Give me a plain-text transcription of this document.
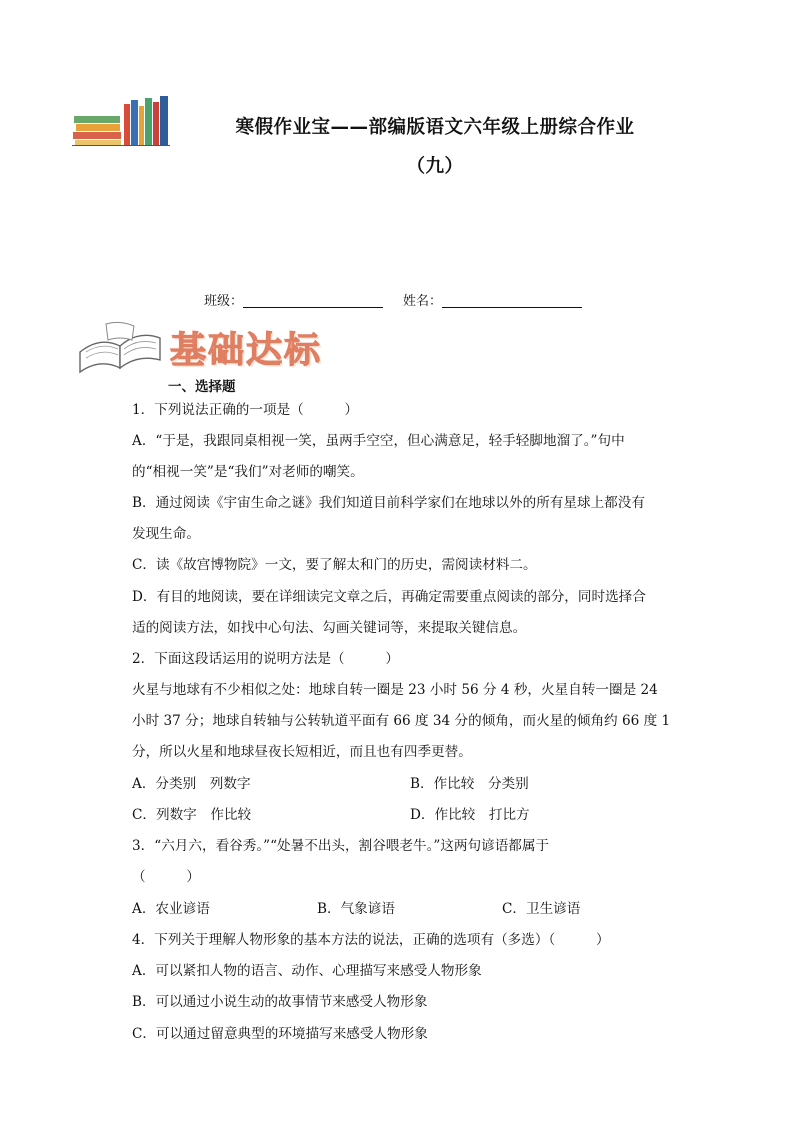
寒假作业宝——部编版语文六年级上册综合作业
（九）
班级：	姓名：
基础达标
一、选择题
1．下列说法正确的一项是（　　　）
A．“于是，我跟同桌相视一笑，虽两手空空，但心满意足，轻手轻脚地溜了。”句中
的“相视一笑”是“我们”对老师的嘲笑。
B．通过阅读《宇宙生命之谜》我们知道目前科学家们在地球以外的所有星球上都没有
发现生命。
C．读《故宫博物院》一文，要了解太和门的历史，需阅读材料二。
D．有目的地阅读，要在详细读完文章之后，再确定需要重点阅读的部分，同时选择合
适的阅读方法，如找中心句法、勾画关键词等，来提取关键信息。
2．下面这段话运用的说明方法是（　　　）
火星与地球有不少相似之处：地球自转一圈是 23 小时 56 分 4 秒，火星自转一圈是 24
小时 37 分；地球自转轴与公转轨道平面有 66 度 34 分的倾角，而火星的倾角约 66 度 1
分，所以火星和地球昼夜长短相近，而且也有四季更替。
A．分类别　列数字	B．作比较　分类别
C．列数字　作比较	D．作比较　打比方
3．“六月六，看谷秀。”“处暑不出头，割谷喂老牛。”这两句谚语都属于
（　　　）
A．农业谚语	B．气象谚语	C．卫生谚语
4．下列关于理解人物形象的基本方法的说法，正确的选项有（多选）（　　　）
A．可以紧扣人物的语言、动作、心理描写来感受人物形象
B．可以通过小说生动的故事情节来感受人物形象
C．可以通过留意典型的环境描写来感受人物形象
